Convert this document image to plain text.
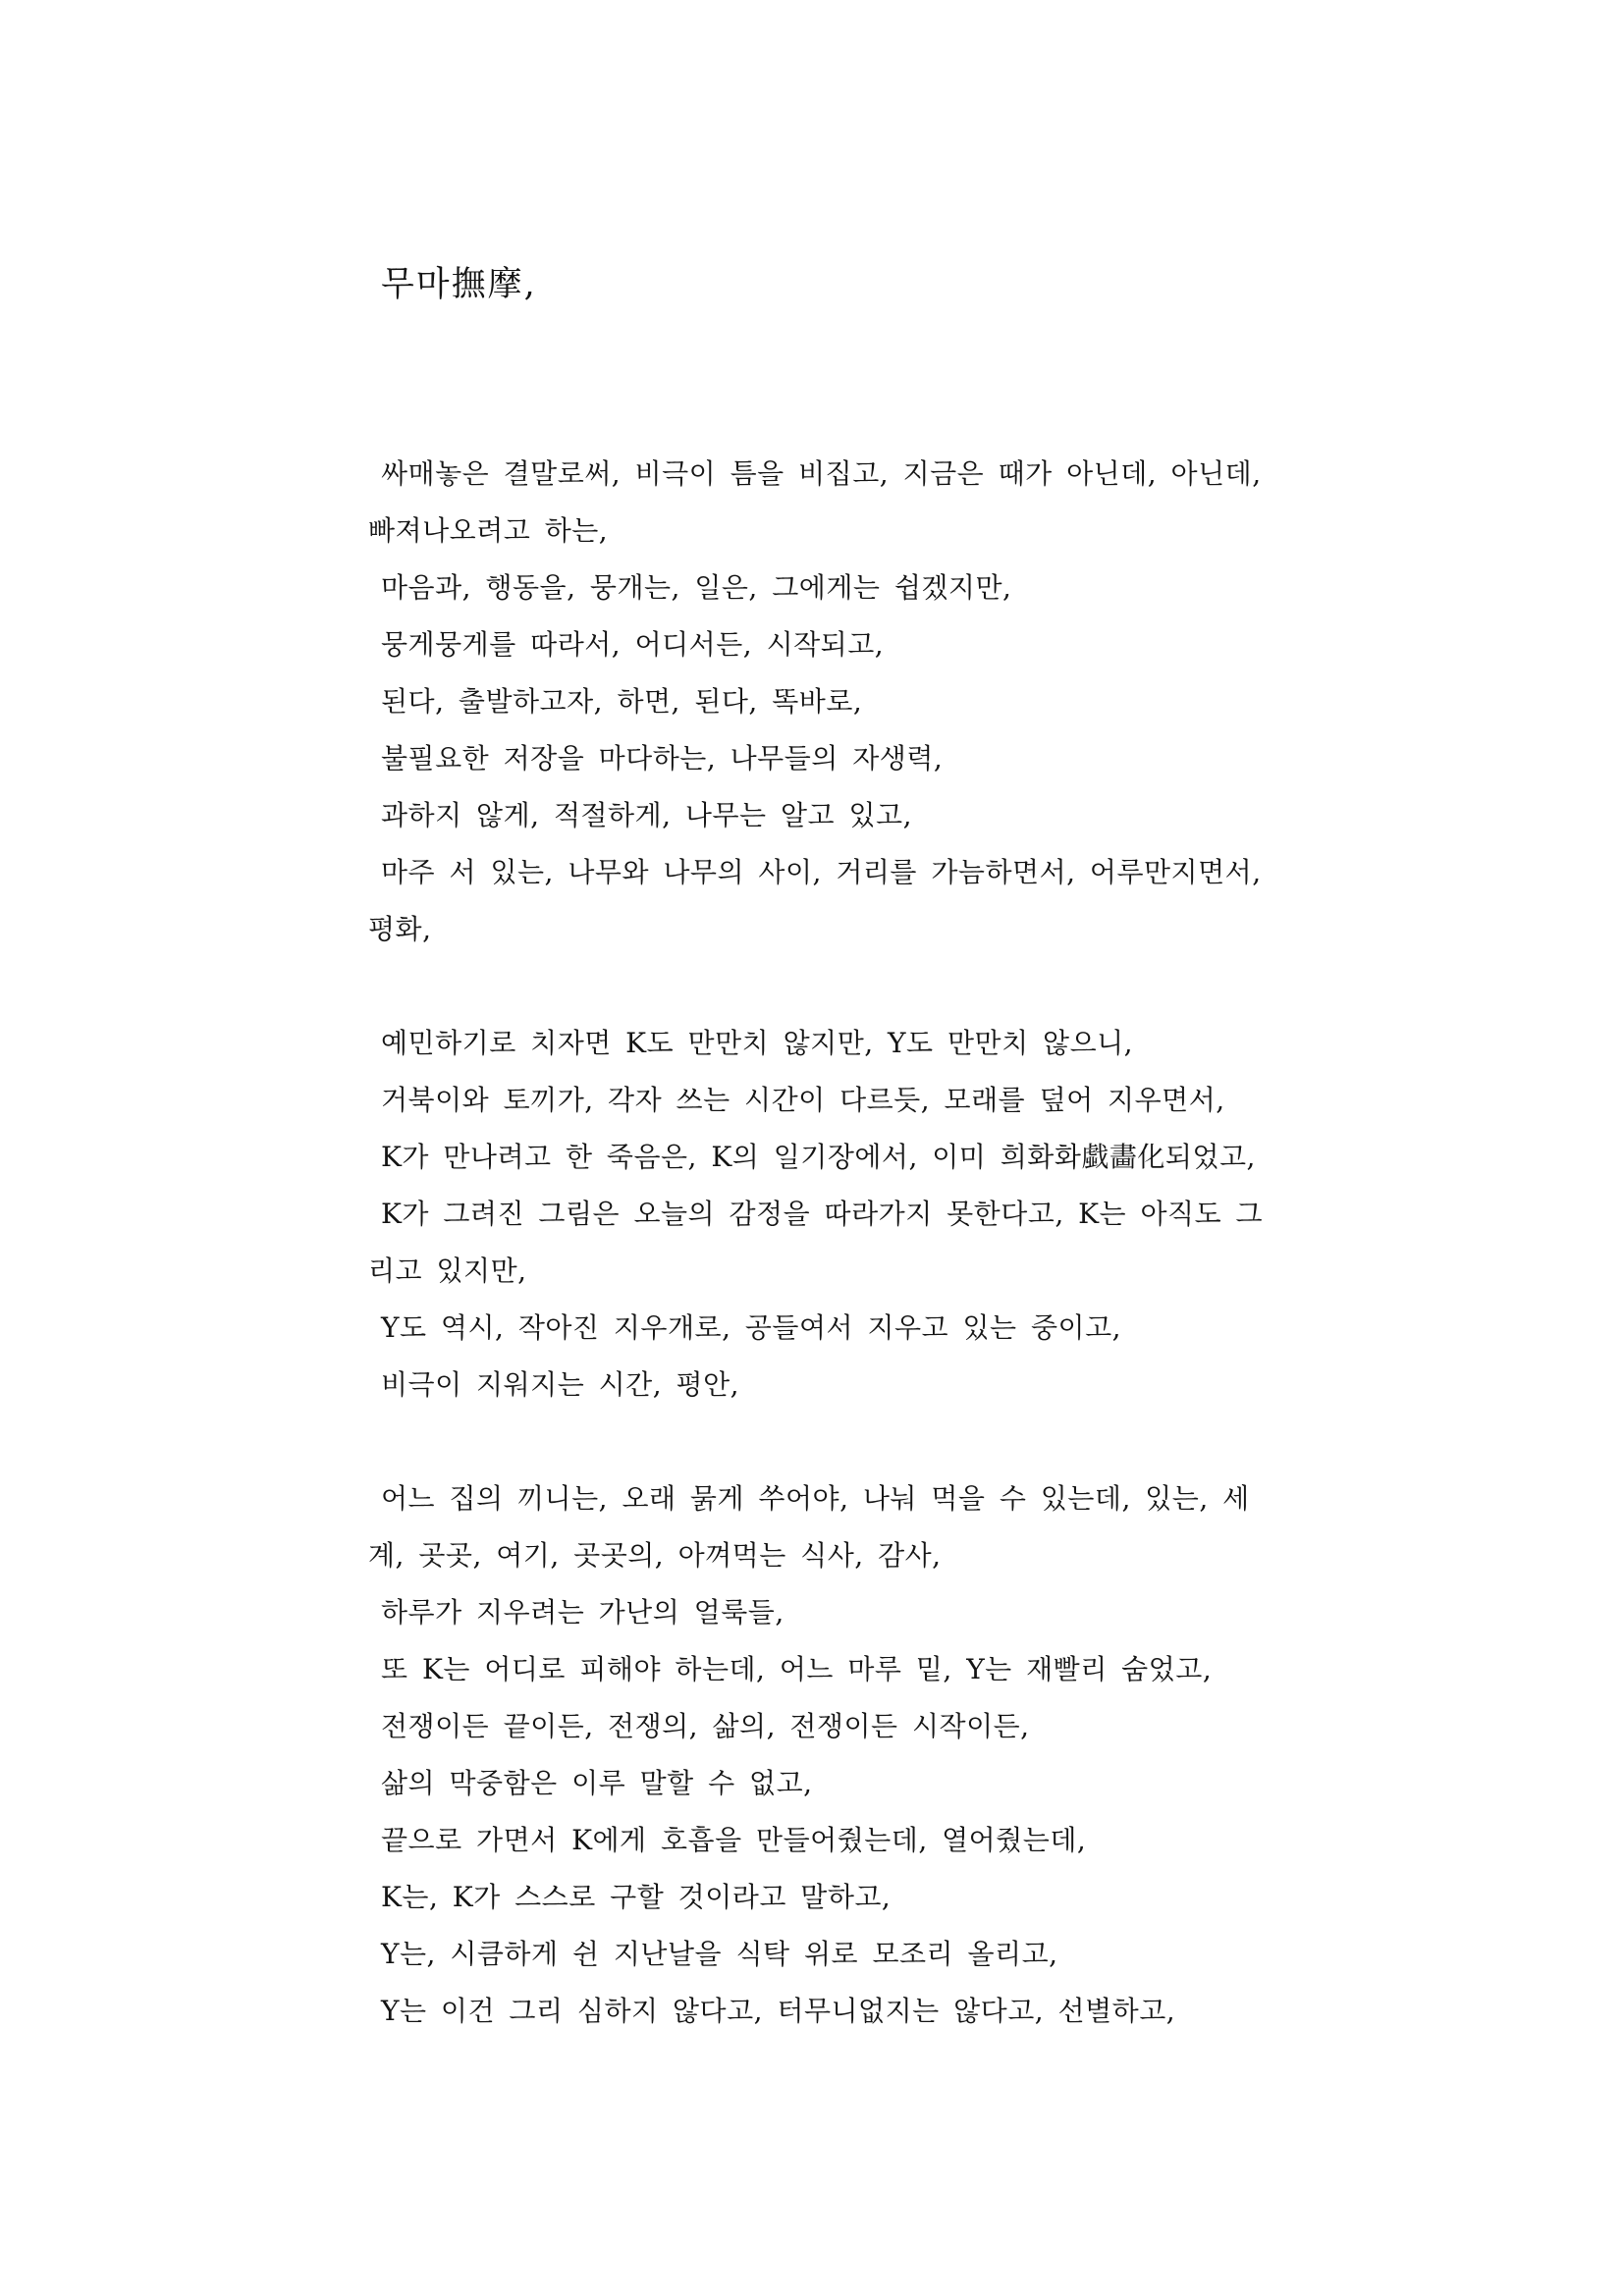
무마撫摩,
싸매놓은 결말로써, 비극이 틈을 비집고, 지금은 때가 아닌데, 아닌데,
빠져나오려고 하는,
마음과, 행동을, 뭉개는, 일은, 그에게는 쉽겠지만,
뭉게뭉게를 따라서, 어디서든, 시작되고,
된다, 출발하고자, 하면, 된다, 똑바로,
불필요한 저장을 마다하는, 나무들의 자생력,
과하지 않게, 적절하게, 나무는 알고 있고,
마주 서 있는, 나무와 나무의 사이, 거리를 가늠하면서, 어루만지면서,
평화,
예민하기로 치자면 K도 만만치 않지만, Y도 만만치 않으니,
거북이와 토끼가, 각자 쓰는 시간이 다르듯, 모래를 덮어 지우면서,
K가 만나려고 한 죽음은, K의 일기장에서, 이미 희화화戱畵化되었고,
K가 그려진 그림은 오늘의 감정을 따라가지 못한다고, K는 아직도 그
리고 있지만,
Y도 역시, 작아진 지우개로, 공들여서 지우고 있는 중이고,
비극이 지워지는 시간, 평안,
어느 집의 끼니는, 오래 묽게 쑤어야, 나눠 먹을 수 있는데, 있는, 세
계, 곳곳, 여기, 곳곳의, 아껴먹는 식사, 감사,
하루가 지우려는 가난의 얼룩들,
또 K는 어디로 피해야 하는데, 어느 마루 밑, Y는 재빨리 숨었고,
전쟁이든 끝이든, 전쟁의, 삶의, 전쟁이든 시작이든,
삶의 막중함은 이루 말할 수 없고,
끝으로 가면서 K에게 호흡을 만들어줬는데, 열어줬는데,
K는, K가 스스로 구할 것이라고 말하고,
Y는, 시큼하게 쉰 지난날을 식탁 위로 모조리 올리고,
Y는 이건 그리 심하지 않다고, 터무니없지는 않다고, 선별하고,
